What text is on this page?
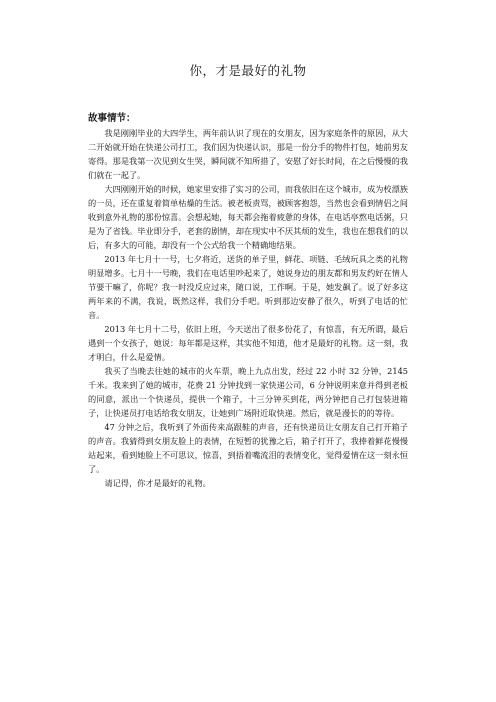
你，才是最好的礼物

故事情节：

我是刚刚毕业的大四学生，两年前认识了现在的女朋友，因为家庭条件的原因，从大二开始就开始在快递公司打工，我们因为快递认识，那是一份分手的物件打包，她前男友寄得。那是我第一次见到女生哭，瞬间就不知所措了，安慰了好长时间，在之后慢慢的我们就在一起了。

大四刚刚开始的时候，她家里安排了实习的公司，而我依旧在这个城市，成为校漂族的一员，还在重复着简单枯燥的生活。被老板责骂，被顾客抱怨，当然也会看到情侣之间收到意外礼物的那份惊喜。会想起她，每天都会拖着疲惫的身体，在电话亭熬电话粥，只是为了省钱。毕业即分手，老套的剧情，却在现实中不厌其烦的发生，我也在想我们的以后，有多大的可能，却没有一个公式给我一个精确地结果。

2013 年七月十一号，七夕将近，送货的单子里，鲜花、项链、毛绒玩具之类的礼物明显增多。七月十一号晚，我们在电话里吵起来了，她说身边的朋友都和男友约好在情人节要干嘛了，你呢？我一时没反应过来，随口说，工作啊。于是，她发飙了。说了好多这两年来的不满，我说，既然这样，我们分手吧。听到那边安静了很久，听到了电话的忙音。

2013 年七月十二号，依旧上班，今天送出了很多份花了，有惊喜，有无所谓，最后遇到一个女孩子，她说：每年都是这样，其实他不知道，他才是最好的礼物。这一刻，我才明白，什么是爱情。

我买了当晚去往她的城市的火车票，晚上九点出发，经过 22 小时 32 分钟，2145 千米。我来到了她的城市，花费 21 分钟找到一家快递公司，6 分钟说明来意并得到老板的同意，派出一个快递员，提供一个箱子，十三分钟买到花，两分钟把自己打包装进箱子，让快递员打电话给我女朋友，让她到广场附近取快递。然后，就是漫长的的等待。

47 分钟之后，我听到了外面传来高跟鞋的声音，还有快递员让女朋友自己打开箱子的声音。我猜得到女朋友脸上的表情，在短暂的犹豫之后，箱子打开了，我捧着鲜花慢慢站起来，看到她脸上不可思议，惊喜，到捂着嘴流泪的表情变化，觉得爱情在这一刻永恒了。

请记得，你才是最好的礼物。
